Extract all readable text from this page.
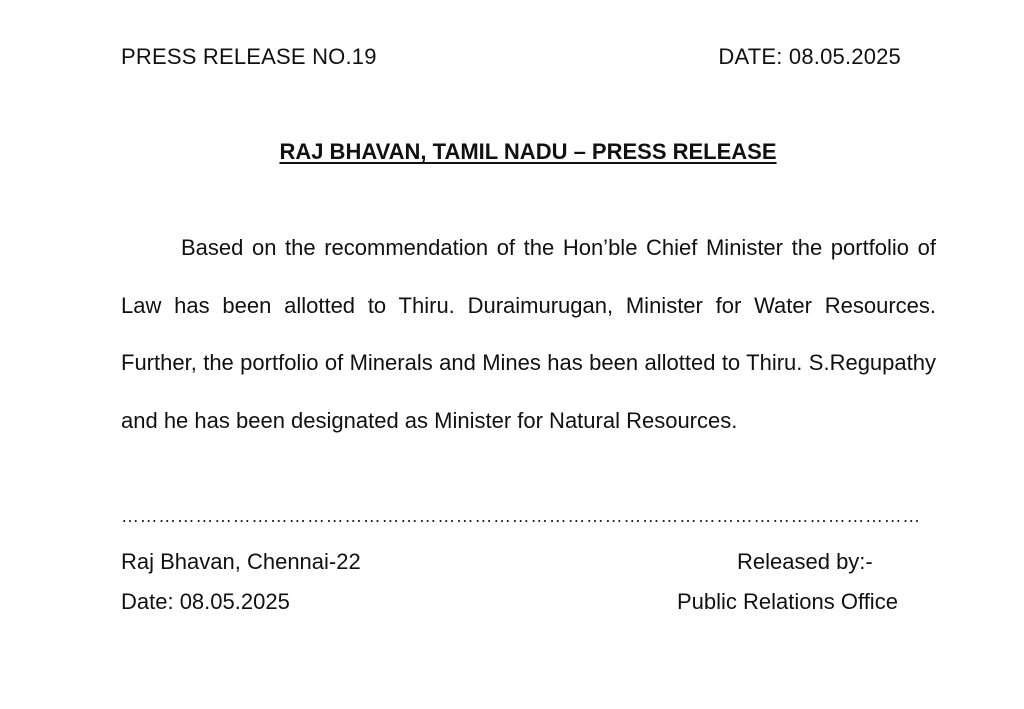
PRESS RELEASE NO.19	DATE: 08.05.2025
RAJ BHAVAN, TAMIL NADU – PRESS RELEASE

Based on the recommendation of the Hon’ble Chief Minister the portfolio of Law has been allotted to Thiru. Duraimurugan, Minister for Water Resources. Further, the portfolio of Minerals and Mines has been allotted to Thiru. S.Regupathy and he has been designated as Minister for Natural Resources.

…………………………………………………………………………………………………………………
Raj Bhavan, Chennai-22
Date: 08.05.2025
Released by:-
Public Relations Office
